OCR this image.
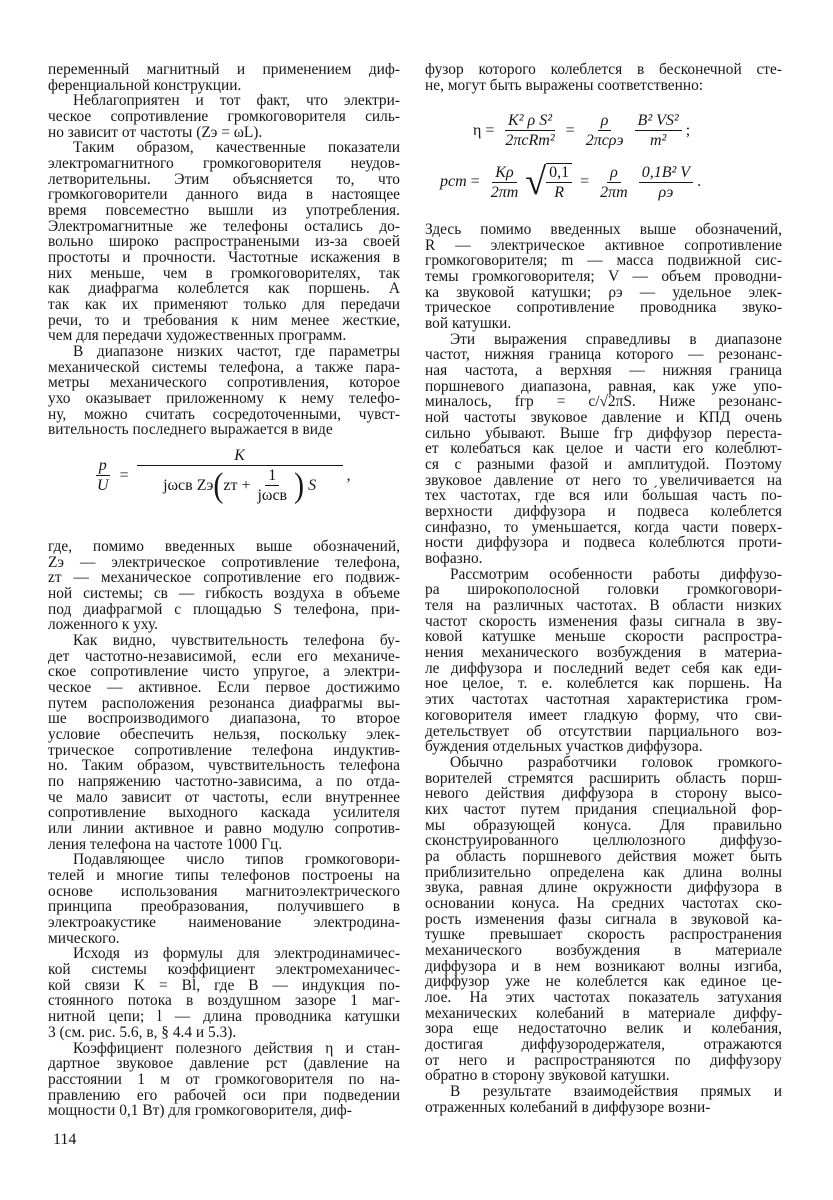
переменный магнитный и применением диф-
ференциальной конструкции.
Неблагоприятен и тот факт, что электри-
ческое сопротивление громкоговорителя силь-
но зависит от частоты (Zэ = ωL).
Таким образом, качественные показатели
электромагнитного громкоговорителя неудов-
летворительны. Этим объясняется то, что
громкоговорители данного вида в настоящее
время повсеместно вышли из употребления.
Электромагнитные же телефоны остались до-
вольно широко распространеными из-за своей
простоты и прочности. Частотные искажения в
них меньше, чем в громкоговорителях, так
как диафрагма колеблется как поршень. А
так как их применяют только для передачи
речи, то и требования к ним менее жесткие,
чем для передачи художественных программ.
В диапазоне низких частот, где параметры
механической системы телефона, а также пара-
метры механического сопротивления, которое
ухо оказывает приложенному к нему телефо-
ну, можно считать сосредоточенными, чувст-
вительность последнего выражается в виде
$\frac{p}{U} = \frac{K}{j\omega cв Zэ ( zт + \frac{1}{\text{jωcв}} ) S}$ ,
где, помимо введенных выше обозначений,
Zэ — электрическое сопротивление телефона,
zт — механическое сопротивление его подвиж-
ной системы; cв — гибкость воздуха в объеме
под диафрагмой с площадью S телефона, при-
ложенного к уху.
Как видно, чувствительность телефона бу-
дет частотно-независимой, если его механиче-
ское сопротивление чисто упругое, а электри-
ческое — активное. Если первое достижимо
путем расположения резонанса диафрагмы вы-
ше воспроизводимого диапазона, то второе
условие обеспечить нельзя, поскольку элек-
трическое сопротивление телефона индуктив-
но. Таким образом, чувствительность телефона
по напряжению частотно-зависима, а по отда-
че мало зависит от частоты, если внутреннее
сопротивление выходного каскада усилителя
или линии активное и равно модулю сопротив-
ления телефона на частоте 1000 Гц.
Подавляющее число типов громкоговори-
телей и многие типы телефонов построены на
основе использования магнитоэлектрического
принципа преобразования, получившего в
электроакустике наименование электродина-
мического.
Исходя из формулы для электродинамичес-
кой системы коэффициент электромеханичес-
кой связи K = Bl, где B — индукция по-
стоянного потока в воздушном зазоре 1 маг-
нитной цепи; l — длина проводника катушки
3 (см. рис. 5.6, в, § 4.4 и 5.3).
Коэффициент полезного действия η и стан-
дартное звуковое давление pст (давление на
расстоянии 1 м от громкоговорителя по на-
правлению его рабочей оси при подведении
мощности 0,1 Вт) для громкоговорителя, диф-
114
фузор которого колеблется в бесконечной сте-
не, могут быть выражены соответственно:
$\eta = \frac{\text{K² ρ S²}}{\text{2πcRm²}} = \frac{\rho}{\text{2πcρэ}} \frac{\text{B² VS²}}{\text{m²}}$ ;
pст = $\frac{K\rho}{2\pi m}$ √ $\frac{0,1}{R} = \frac{\rho}{2\pi m} \frac{\text{0,1B² V}}{\rho э}$ .
Здесь помимо введенных выше обозначений,
R — электрическое активное сопротивление
громкоговорителя; m — масса подвижной сис-
темы громкоговорителя; V — объем проводни-
ка звуковой катушки; ρэ — удельное элек-
трическое сопротивление проводника звуко-
вой катушки.
Эти выражения справедливы в диапазоне
частот, нижняя граница которого — резонанс-
ная частота, а верхняя — нижняя граница
поршневого диапазона, равная, как уже упо-
миналось, fгр = c/√2πS. Ниже резонанс-
ной частоты звуковое давление и КПД очень
сильно убывают. Выше fгр диффузор переста-
ет колебаться как целое и части его колеблют-
ся с разными фазой и амплитудой. Поэтому
звуковое давление от него то увеличивается на
тех частотах, где вся или бо́льшая часть по-
верхности диффузора и подвеса колеблется
синфазно, то уменьшается, когда части поверх-
ности диффузора и подвеса колеблются проти-
вофазно.
Рассмотрим особенности работы диффузо-
ра широкополосной головки громкоговори-
теля на различных частотах. В области низких
частот скорость изменения фазы сигнала в зву-
ковой катушке меньше скорости распростра-
нения механического возбуждения в материа-
ле диффузора и последний ведет себя как еди-
ное целое, т. е. колеблется как поршень. На
этих частотах частотная характеристика гром-
коговорителя имеет гладкую форму, что сви-
детельствует об отсутствии парциального воз-
буждения отдельных участков диффузора.
Обычно разработчики головок громкого-
ворителей стремятся расширить область порш-
невого действия диффузора в сторону высо-
ких частот путем придания специальной фор-
мы образующей конуса. Для правильно
сконструированного целлюлозного диффузо-
ра область поршневого действия может быть
приблизительно определена как длина волны
звука, равная длине окружности диффузора в
основании конуса. На средних частотах ско-
рость изменения фазы сигнала в звуковой ка-
тушке превышает скорость распространения
механического возбуждения в материале
диффузора и в нем возникают волны изгиба,
диффузор уже не колеблется как единое це-
лое. На этих частотах показатель затухания
механических колебаний в материале диффу-
зора еще недостаточно велик и колебания,
достигая диффузородержателя, отражаются
от него и распространяются по диффузору
обратно в сторону звуковой катушки.
В результате взаимодействия прямых и
отраженных колебаний в диффузоре возни-
